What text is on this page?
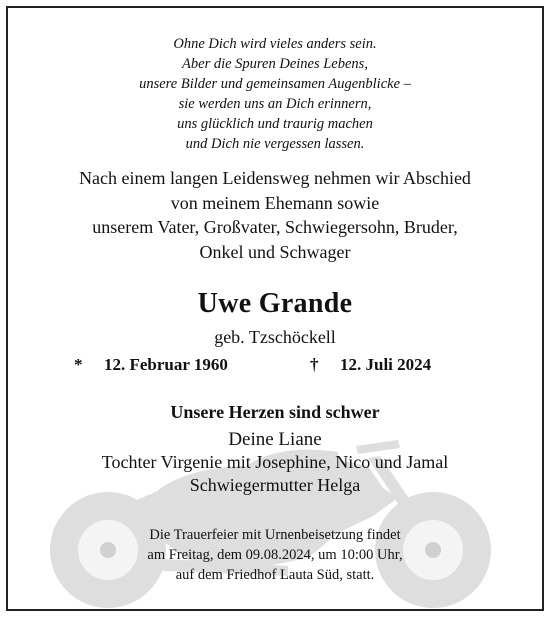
Ohne Dich wird vieles anders sein.
Aber die Spuren Deines Lebens,
unsere Bilder und gemeinsamen Augenblicke –
sie werden uns an Dich erinnern,
uns glücklich und traurig machen
und Dich nie vergessen lassen.
Nach einem langen Leidensweg nehmen wir Abschied
von meinem Ehemann sowie
unserem Vater, Großvater, Schwiegersohn, Bruder,
Onkel und Schwager
Uwe Grande
geb. Tzschöckell
* 12. Februar 1960	† 12. Juli 2024
Unsere Herzen sind schwer
Deine Liane
Tochter Virgenie mit Josephine, Nico und Jamal
Schwiegermutter Helga
Die Trauerfeier mit Urnenbeisetzung findet
am Freitag, dem 09.08.2024, um 10:00 Uhr,
auf dem Friedhof Lauta Süd, statt.
